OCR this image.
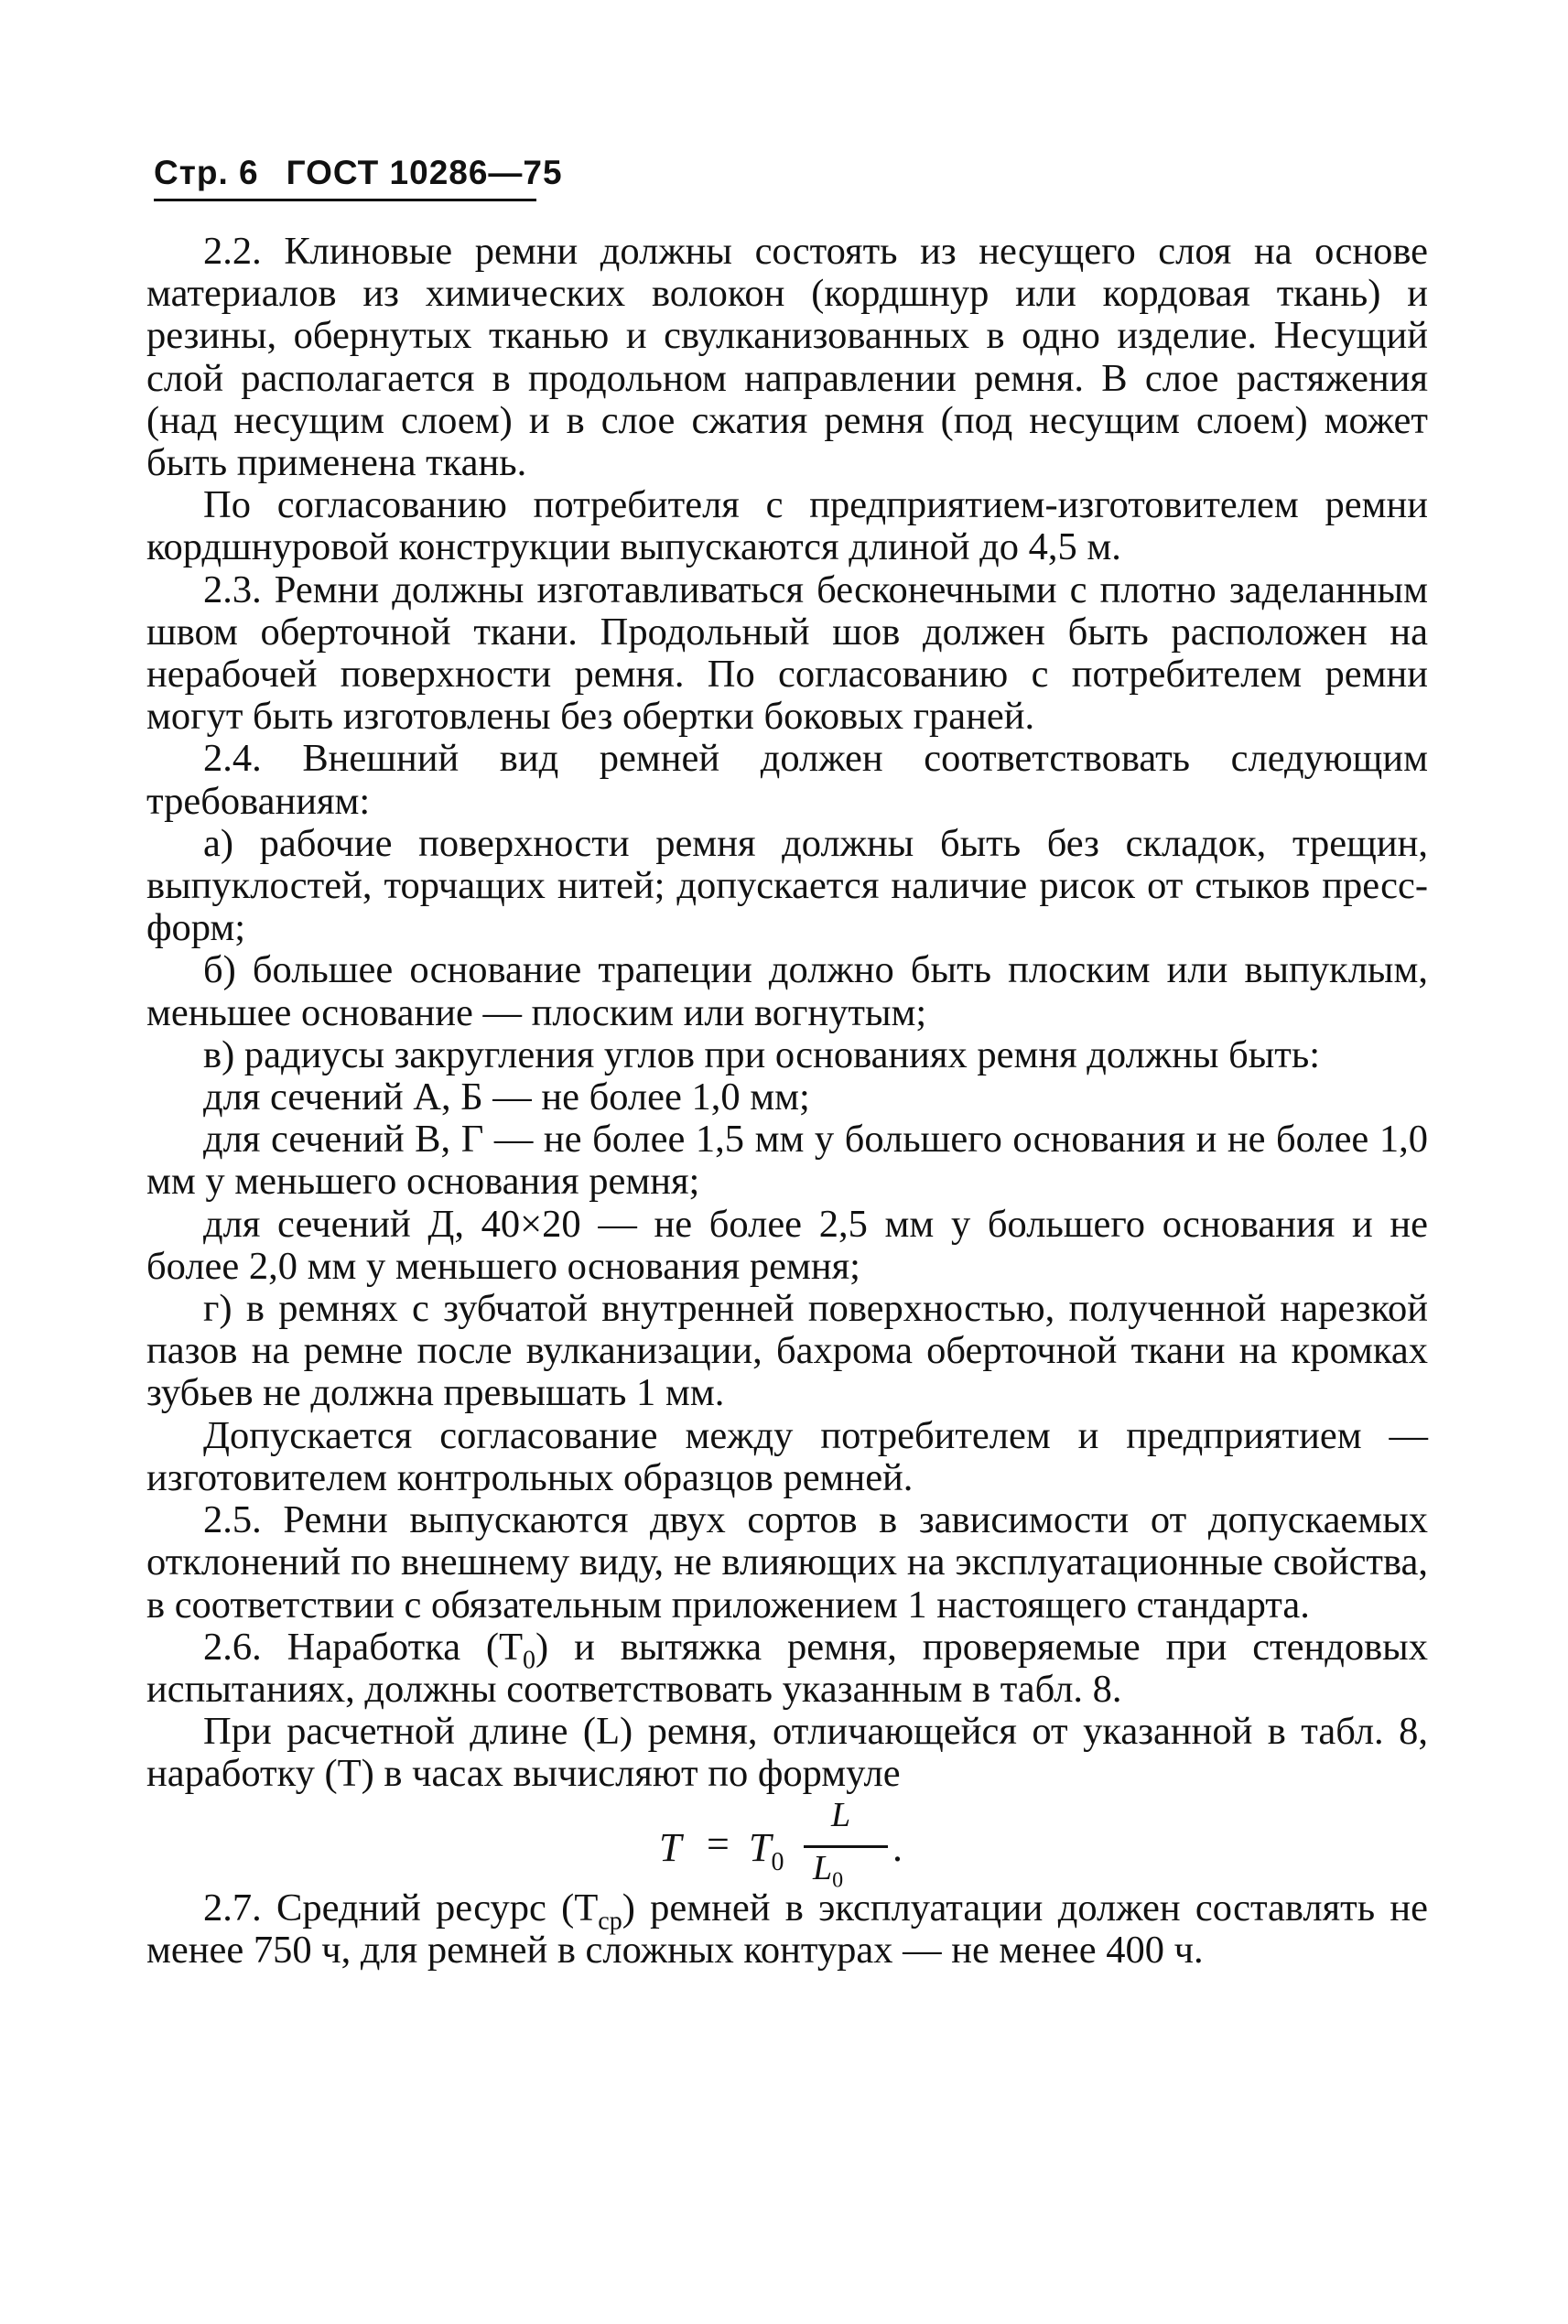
Стр. 6 ГОСТ 10286—75

2.2. Клиновые ремни должны состоять из несущего слоя на основе материалов из химических волокон (кордшнур или кордовая ткань) и резины, обернутых тканью и свулканизованных в одно изделие. Несущий слой располагается в продольном направлении ремня. В слое растяжения (над несущим слоем) и в слое сжатия ремня (под несущим слоем) может быть применена ткань.

По согласованию потребителя с предприятием-изготовителем ремни кордшнуровой конструкции выпускаются длиной до 4,5 м.

2.3. Ремни должны изготавливаться бесконечными с плотно заделанным швом оберточной ткани. Продольный шов должен быть расположен на нерабочей поверхности ремня. По согласованию с потребителем ремни могут быть изготовлены без обертки боковых граней.

2.4. Внешний вид ремней должен соответствовать следующим требованиям:

а) рабочие поверхности ремня должны быть без складок, трещин, выпуклостей, торчащих нитей; допускается наличие рисок от стыков пресс-форм;

б) большее основание трапеции должно быть плоским или выпуклым, меньшее основание — плоским или вогнутым;

в) радиусы закругления углов при основаниях ремня должны быть:

для сечений А, Б — не более 1,0 мм;

для сечений В, Г — не более 1,5 мм у большего основания и не более 1,0 мм у меньшего основания ремня;

для сечений Д, 40×20 — не более 2,5 мм у большего основания и не более 2,0 мм у меньшего основания ремня;

г) в ремнях с зубчатой внутренней поверхностью, полученной нарезкой пазов на ремне после вулканизации, бахрома оберточной ткани на кромках зубьев не должна превышать 1 мм.

Допускается согласование между потребителем и предприятием — изготовителем контрольных образцов ремней.

2.5. Ремни выпускаются двух сортов в зависимости от допускаемых отклонений по внешнему виду, не влияющих на эксплуатационные свойства, в соответствии с обязательным приложением 1 настоящего стандарта.

2.6. Наработка $(T_0)$ и вытяжка ремня, проверяемые при стендовых испытаниях, должны соответствовать указанным в табл. 8.

При расчетной длине (L) ремня, отличающейся от указанной в табл. 8, наработку (T) в часах вычисляют по формуле

$T = T_0$
L
$L_0$
.

2.7. Средний ресурс $(T_{ср})$ ремней в эксплуатации должен составлять не менее 750 ч, для ремней в сложных контурах — не менее 400 ч.
